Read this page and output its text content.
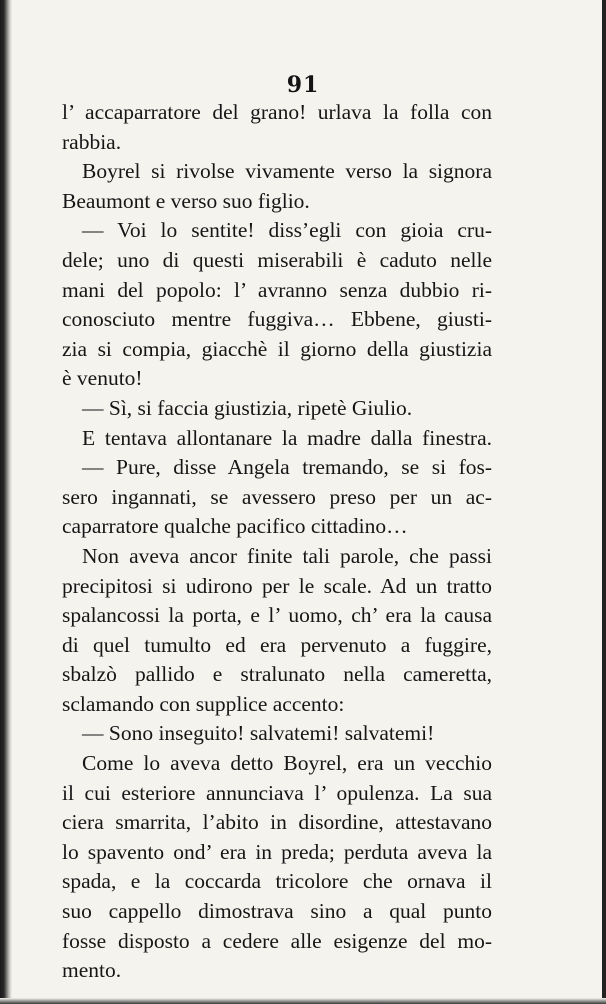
91
l’ accaparratore del grano! urlava la folla con
rabbia.
Boyrel si rivolse vivamente verso la signora
Beaumont e verso suo figlio.
— Voi lo sentite! diss’egli con gioia cru-
dele; uno di questi miserabili è caduto nelle
mani del popolo: l’ avranno senza dubbio ri-
conosciuto mentre fuggiva… Ebbene, giusti-
zia si compia, giacchè il giorno della giustizia
è venuto!
— Sì, si faccia giustizia, ripetè Giulio.
E tentava allontanare la madre dalla finestra.
— Pure, disse Angela tremando, se si fos-
sero ingannati, se avessero preso per un ac-
caparratore qualche pacifico cittadino…
Non aveva ancor finite tali parole, che passi
precipitosi si udirono per le scale. Ad un tratto
spalancossi la porta, e l’ uomo, ch’ era la causa
di quel tumulto ed era pervenuto a fuggire,
sbalzò pallido e stralunato nella cameretta,
sclamando con supplice accento:
— Sono inseguito! salvatemi! salvatemi!
Come lo aveva detto Boyrel, era un vecchio
il cui esteriore annunciava l’ opulenza. La sua
ciera smarrita, l’abito in disordine, attestavano
lo spavento ond’ era in preda; perduta aveva la
spada, e la coccarda tricolore che ornava il
suo cappello dimostrava sino a qual punto
fosse disposto a cedere alle esigenze del mo-
mento.
